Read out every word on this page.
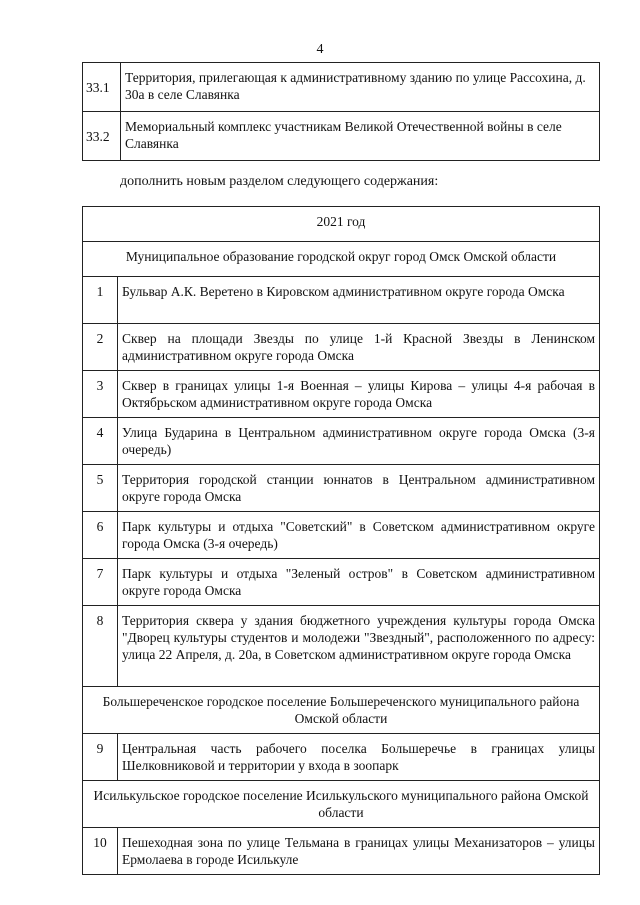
4
33.1	Территория, прилегающая к административному зданию по улице Рассохина, д. 30а в селе Славянка
33.2	Мемориальный комплекс участникам Великой Отечественной войны в селе Славянка
дополнить новым разделом следующего содержания:
2021 год	
Муниципальное образование городской округ город Омск Омской области	
1	Бульвар А.К. Веретено в Кировском административном округе города Омска
2	Сквер на площади Звезды по улице 1-й Красной Звезды в Ленинском административном округе города Омска
3	Сквер в границах улицы 1-я Военная – улицы Кирова – улицы 4-я рабочая в Октябрьском административном округе города Омска
4	Улица Бударина в Центральном административном округе города Омска (3-я очередь)
5	Территория городской станции юннатов в Центральном административном округе города Омска
6	Парк культуры и отдыха "Советский" в Советском административном округе города Омска (3-я очередь)
7	Парк культуры и отдыха "Зеленый остров" в Советском административном округе города Омска
8	Территория сквера у здания бюджетного учреждения культуры города Омска "Дворец культуры студентов и молодежи "Звездный", расположенного по адресу: улица 22 Апреля, д. 20а, в Советском административном округе города Омска
Большереченское городское поселение Большереченского муниципального района Омской области	
9	Центральная часть рабочего поселка Большеречье в границах улицы Шелковниковой и территории у входа в зоопарк
Исилькульское городское поселение Исилькульского муниципального района Омской области	
10	Пешеходная зона по улице Тельмана в границах улицы Механизаторов – улицы Ермолаева в городе Исилькуле
